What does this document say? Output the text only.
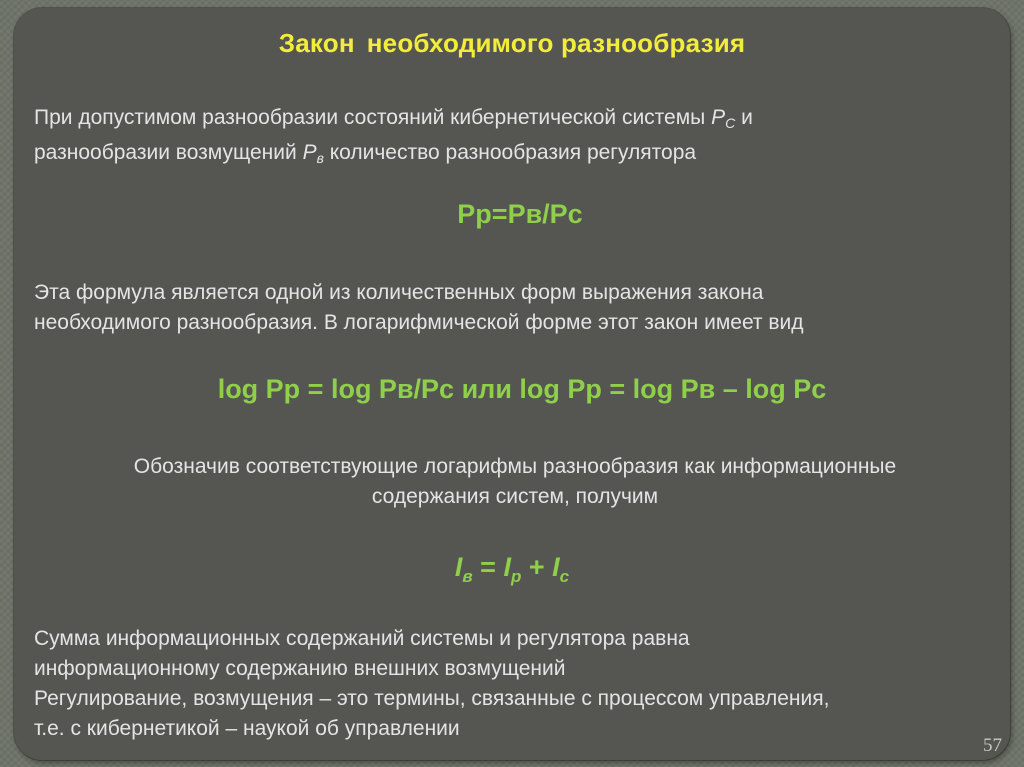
Закон необходимого разнообразия
При допустимом разнообразии состояний кибернетической системы $P_C$ и
разнообразии возмущений $P_в$ количество разнообразия регулятора
Рр=Рв/Рс
Эта формула является одной из количественных форм выражения закона
необходимого разнообразия. В логарифмической форме этот закон имеет вид
log Рр = log Рв/Рс или log Рр = log Рв – log Рс
Обозначив соответствующие логарифмы разнообразия как информационные
содержания систем, получим
$I_в = I_р + I_с$
Сумма информационных содержаний системы и регулятора равна
информационному содержанию внешних возмущений
Регулирование, возмущения – это термины, связанные с процессом управления,
т.е. с кибернетикой – наукой об управлении
57
